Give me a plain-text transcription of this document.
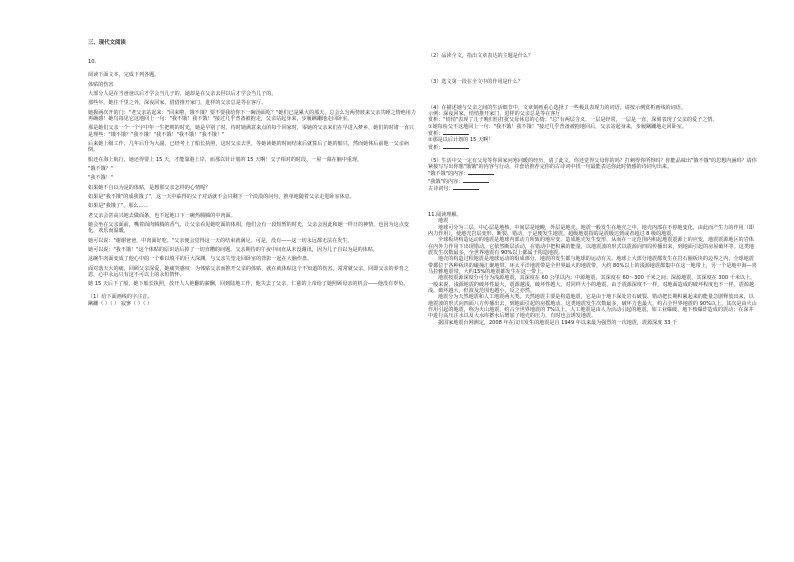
三、现代文阅读

10.

阅读下面文本，完成下列各题。

体贴的伤害

大部分人是在当爸爸以后才学会当儿子的，她却是在父亲去世以后才学会当儿子的。

那些年，她住千里之外，深夜回家，借借推开家门，进样的父亲总是等在客厅。

她握两次开的门："老父亲站起来："回来啦，饿不饿？要不要我给你下一碗汤面吃？"她们已是累大的那天，总会么匀两势彼来父亲共睡之情绝用力再确感！她鸟每见它这地回上一句："我不饿！我不饿！"接过几乎普备被抱走，父亲站起身来，步履蹒跚地走回卧室。

那是她们父亲一个一个宇中年一生把则的时光，她是早别了时，待时她满意来点的每个回家时，零她的父亲来们在早进入梦乡，她们的时诸一直只是理些："饿不饿？"我不饿！"我不饿！"我不饿！"我不饿！"

后来她上级工作，几年后升为大副，已经考上了船长执照，这时父亲去世，等她读她的时间结束后就算后了她的船只，然而她休后前他一父亲病倒。

船还在海上航行，她还得要上 15 天，才能靠港上岸，而那以针计划的 15 天啊！父子相对的时段，一屋一幕在脑中重现。

"饿不饿？"

"我不饿！"

如果她不自以为是的体贴，是想那父亲怎样的心情呢？

如果是"我不饿"的成我饿了"，这一天中临得的父子对话就不会只剩下一个淡漠的问句，推单地随着父亲走进卧室休息。

如果是"我饿了"，那么……

老父亲会甚高兴地去做面条，也不起地口下一碗热腾腾的中肉面。

她会坐在父亲面前，嘴着面肉腾腾的香气，让父亲看见她吃面的体相。他们会有一段短暂的时光，父亲会因此和她一样日的神情，也因为这点变化，欢乐而温暖。

她可以说："谢谢爸爸，中肉面好吃。"父亲便会觉得这一天的结束就满足。可是，没有——这一切永远都无法在发生。

她可以说："我不饿！"这个体贴的原识话后掉了一切直糟的问题。父亲期待的午夜中间直从未没谢讯，因为儿子自以为是的体贴。

这碗牛肉面变成了他心中的一个难以填平的巨大深渊，与父亲失望走回卧室的背影一起在大脑作盘。

面对落天大的痛，回顾父亲深爱，她痛哭感叹：为体贴父亲而推开父亲的体贴，就在就体贴这个不知道的伤害。常常就父亲，回即父亲的养育之恩，心中永远只有这不可以上的永恒情怀。

她 15 天后下了船，她下船长执照，放开人人艳翻的薪酬，回到陆地工作，他失去了父亲，仁慈的上帝给了她照顾母亲的机会——他没有辜负。

（1）给下面画线的字注音。

蹒跚（ ）（ ） 寂寥（ ）（ ）

（2）品读全文，指出文章表达的主题是什么？

（3）选文第一段在全文中的作用是什么？

（4）在描述她与父亲之间的生活细节中，文章刻画重心选择了一些极具表现力的词语，请按示例赏析画线的词语。

示例：深夜回家，悄悄推开家门，进样的父亲总是等在客厅

赏析："悄悄"表现了儿子晚归怕打扰父母休息的心情；"总"有两层含义，一层是经常，一层是一直，深刻表现了父亲的爱子之情。

①她每检父不这地回上一句："我不饿！我不饿！"接过几乎普备被抱地回后，父亲站起身来，步履蹒跚地走回卧室。

赏析：

②那是以后计划的 15 天啊！

赏析：

（5）生活中父一定有父母等你回家问寒问暖的经历，请了此文，你还觉得父母你的吗？打刺得你所得吗？你能品味出"饿不饿"的思想内涵吗？请你紧接写写出你想"饿饿"的内容与行动，并套语推荐完你的古诗词中找一句最能表达你此时情感的诗词句出来。

"饿不饿"的内容：

"我饿"的内容：

古诗词句：

11.阅读理解。

地震

地球可分为三层。中心层是地核，中间层是地幔，外层是地壳。地震一般发生在地壳之中。地壳内部在不停地变化，由此而产生力的作用（即内力作用），使地壳岩层变形、断裂、错动，于是便发生地震。超级地震指的是震级达到或者超过 8 级的地震。

全球板块构造运动的地震是地球内部动力所致的地应变，造成地壳发生变形，从而在一定范围内积起地震震源上的应变，地震震源地区的岩体在内外力作用下出现错动，它依然断层活动，在错动中把积累的能量，以地震波的形式以震源向四周传播出来，到地面引起的房屋破坏等。这类地震发生次数最多，全世界地震有 90%以上都属于构造地震。

地壳的构造过程地震是地球运动的组成部分，地震的发生都与地球的运动有关。地球上大部分地震都发生在岩石圈板块的边界之内，全球地震带都位于各种板块的碰撞汇聚地带。环太平洋地震带是全世界最大的地震带，大约 80%以上的浅源地震都集中在这一地带上，另一个是地中海—喜马拉雅地震带，大约15%的地震都发生在这一带上。

地震按震源深度分可分为浅源地震，其深度在 60 公里以内；中源地震，其深度在 60～300 千米之间；深源地震，其深度在 300 千米以上。一般来说，浅源地震的破坏性最大，震源越浅，破坏性越大。对同样大小的地震，由于震源深度不一样，对地面造成的破坏程度也不一样。震源越浅，破坏越大，但波及范围也越小，反之亦然。

地震分为天然地震和人工地震两大类。天然地震主要是构造地震，它是由于地下深处岩石破裂、错动把长期积累起来的能量急剧释放出来，以地震波的形式向四面八方传播出去，到地面引起的房摇地动。这类地震发生次数最多，破坏力也最大，约占全世界地震的 90%以上。其次是由火山作用引起的地震，称为火山地震，约占全世界地震的 7%以上。人工地震是由人为活动引起的地震。如工业爆破、地下核爆炸造成的震动；在深井中进行高压注水以及大水库蓄水后增加了地壳的压力，有时也会诱发地震。

据国家地震台网测定，2008 年在汶川发生的地震是自 1949 年以来最为强烈的一次地震，震源深度 33 千
